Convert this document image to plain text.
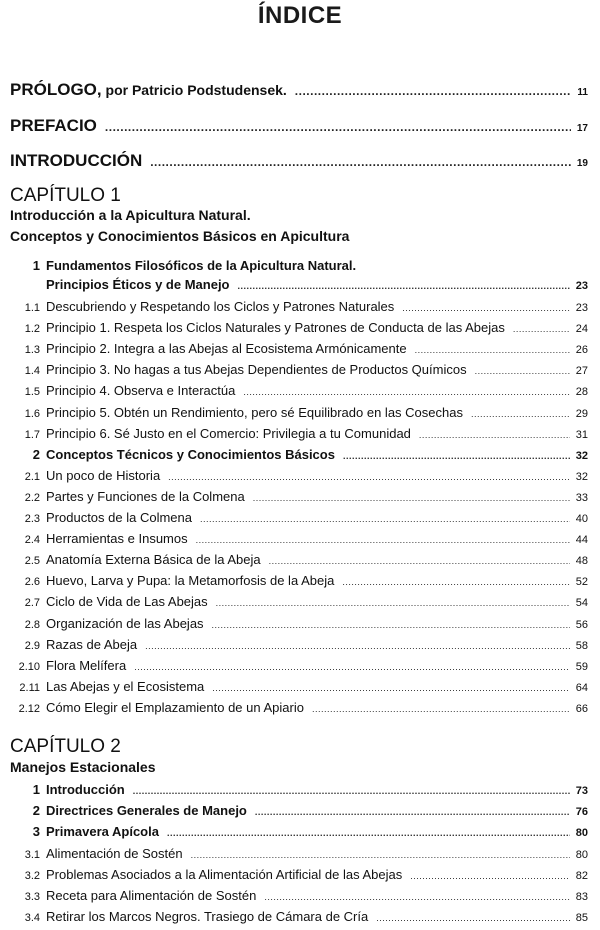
ÍNDICE
PRÓLOGO, por Patricio Podstudensek. .....	11
PREFACIO .....	17
INTRODUCCIÓN .....	19
CAPÍTULO 1
Introducción a la Apicultura Natural.
Conceptos y Conocimientos Básicos en Apicultura
1 Fundamentos Filosóficos de la Apicultura Natural.
Principios Éticos y de Manejo .....	23
1.1 Descubriendo y Respetando los Ciclos y Patrones Naturales .....	23
1.2 Principio 1. Respeta los Ciclos Naturales y Patrones de Conducta de las Abejas .....	24
1.3 Principio 2. Integra a las Abejas al Ecosistema Armónicamente .....	26
1.4 Principio 3. No hagas a tus Abejas Dependientes de Productos Químicos .....	27
1.5 Principio 4. Observa e Interactúa .....	28
1.6 Principio 5. Obtén un Rendimiento, pero sé Equilibrado en las Cosechas .....	29
1.7 Principio 6. Sé Justo en el Comercio: Privilegia a tu Comunidad .....	31
2 Conceptos Técnicos y Conocimientos Básicos .....	32
2.1 Un poco de Historia .....	32
2.2 Partes y Funciones de la Colmena .....	33
2.3 Productos de la Colmena .....	40
2.4 Herramientas e Insumos .....	44
2.5 Anatomía Externa Básica de la Abeja .....	48
2.6 Huevo, Larva y Pupa: la Metamorfosis de la Abeja .....	52
2.7 Ciclo de Vida de Las Abejas .....	54
2.8 Organización de las Abejas .....	56
2.9 Razas de Abeja .....	58
2.10 Flora Melífera .....	59
2.11 Las Abejas y el Ecosistema .....	64
2.12 Cómo Elegir el Emplazamiento de un Apiario .....	66
CAPÍTULO 2
Manejos Estacionales
1 Introducción .....	73
2 Directrices Generales de Manejo .....	76
3 Primavera Apícola .....	80
3.1 Alimentación de Sostén .....	80
3.2 Problemas Asociados a la Alimentación Artificial de las Abejas .....	82
3.3 Receta para Alimentación de Sostén .....	83
3.4 Retirar los Marcos Negros. Trasiego de Cámara de Cría .....	85
